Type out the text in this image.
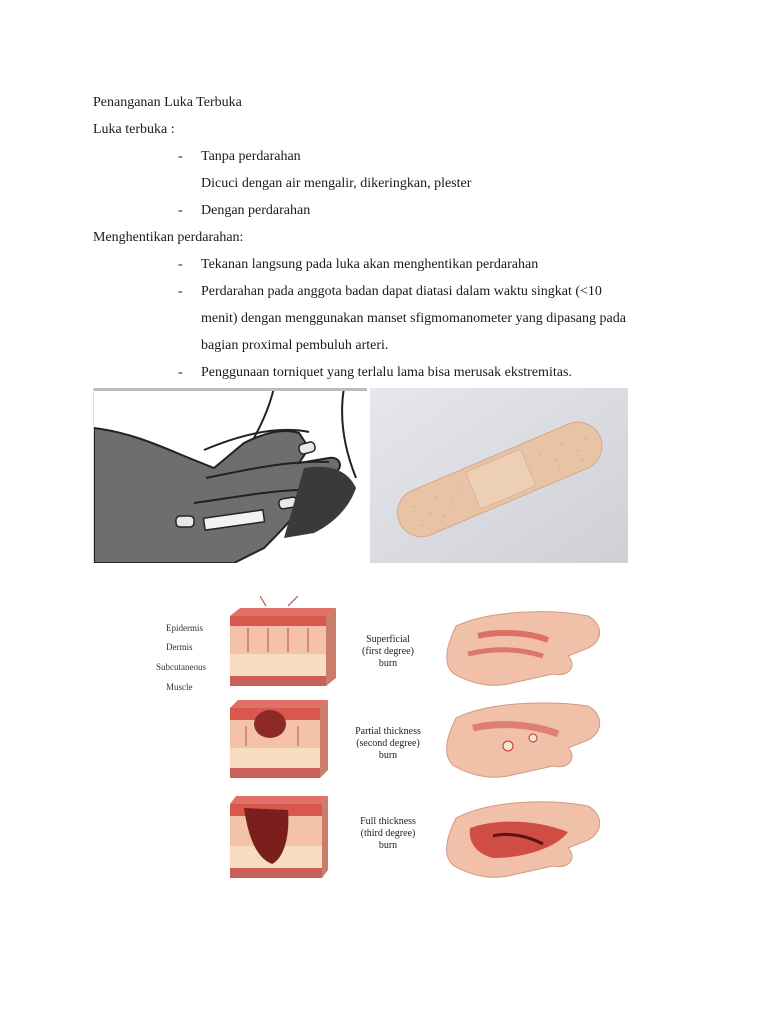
Penanganan Luka Terbuka
Luka terbuka :
- Tanpa perdarahan
Dicuci dengan air mengalir, dikeringkan, plester
- Dengan perdarahan
Menghentikan perdarahan:
- Tekanan langsung pada luka akan menghentikan perdarahan
- Perdarahan pada anggota badan dapat diatasi dalam waktu singkat (<10
menit) dengan menggunakan manset sfigmomanometer yang dipasang pada
bagian proximal pembuluh arteri.
- Penggunaan torniquet yang terlalu lama bisa merusak ekstremitas.
Epidermis
Dermis
Subcutaneous
Muscle
Superficial
(first degree)
burn
Partial thickness
(second degree)
burn
Full thickness
(third degree)
burn
